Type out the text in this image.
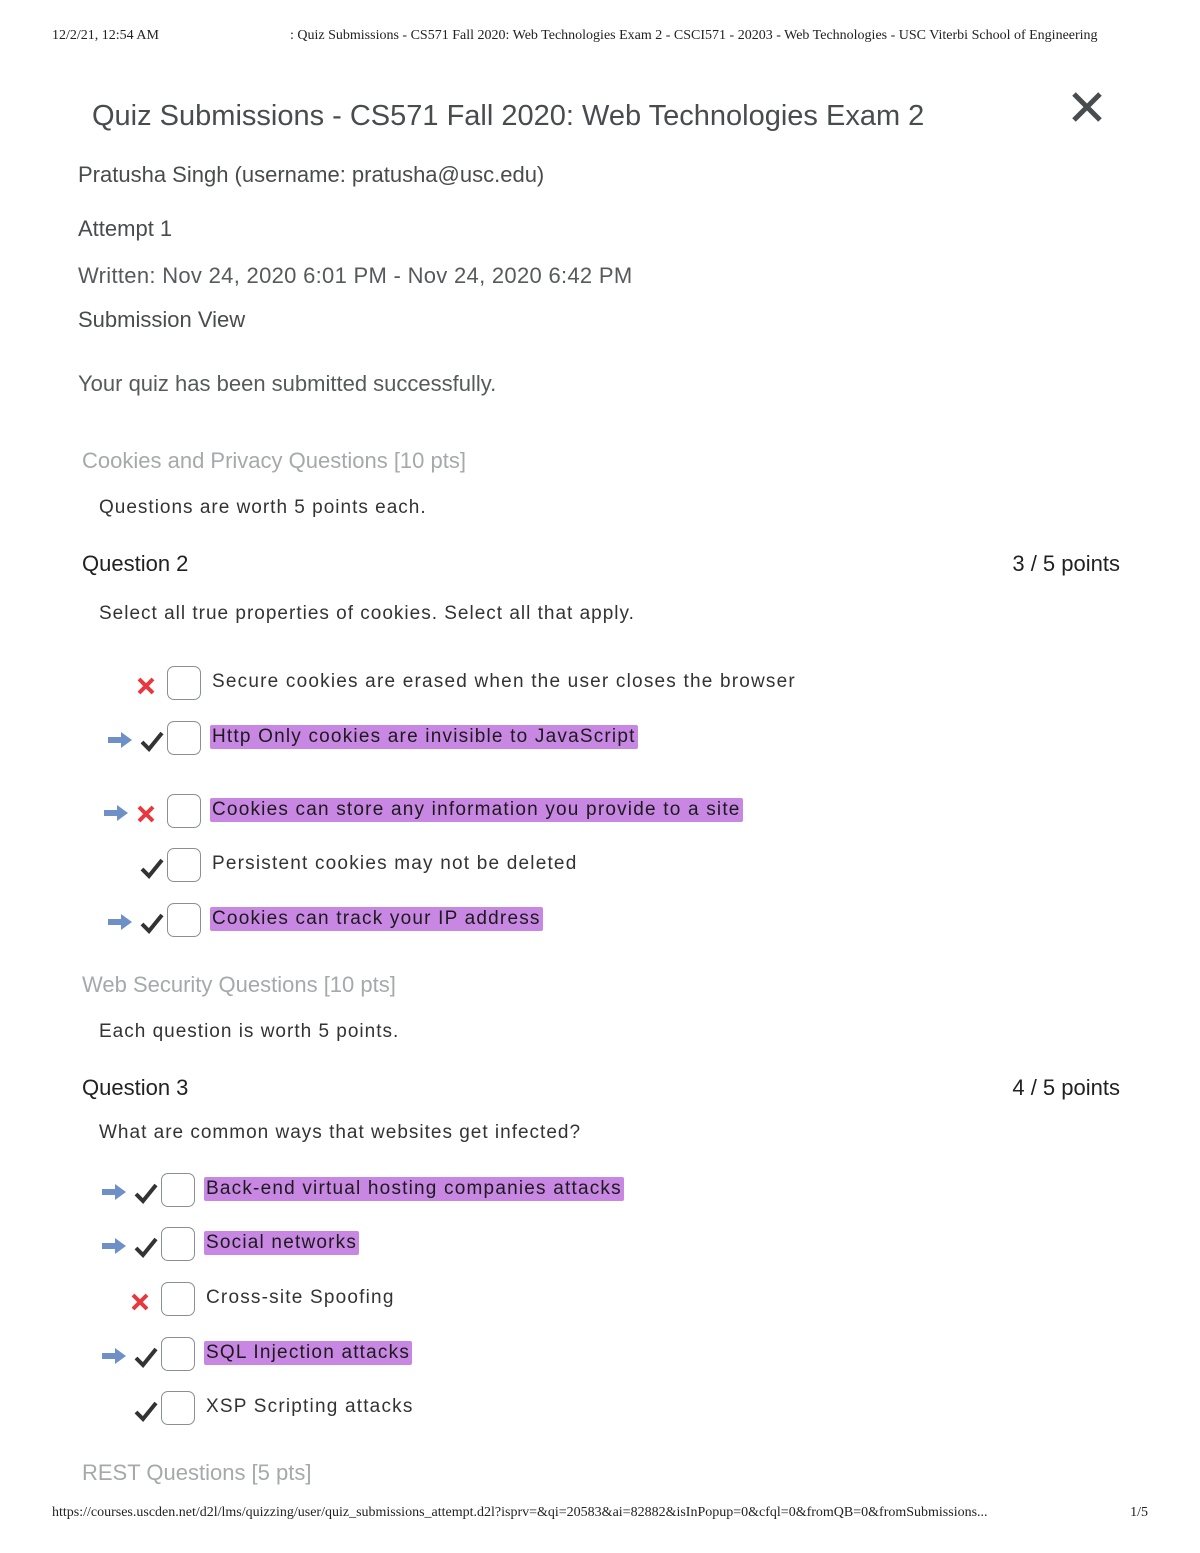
12/2/21, 12:54 AM	: Quiz Submissions - CS571 Fall 2020: Web Technologies Exam 2 - CSCI571 - 20203 - Web Technologies - USC Viterbi School of Engineering
Quiz Submissions - CS571 Fall 2020: Web Technologies Exam 2
Pratusha Singh (username: pratusha@usc.edu)
Attempt 1
Written: Nov 24, 2020 6:01 PM - Nov 24, 2020 6:42 PM
Submission View
Your quiz has been submitted successfully.
Cookies and Privacy Questions [10 pts]
Questions are worth 5 points each.
Question 2	3 / 5 points
Select all true properties of cookies. Select all that apply.
Secure cookies are erased when the user closes the browser
Http Only cookies are invisible to JavaScript
Cookies can store any information you provide to a site
Persistent cookies may not be deleted
Cookies can track your IP address
Web Security Questions [10 pts]
Each question is worth 5 points.
Question 3	4 / 5 points
What are common ways that websites get infected?
Back-end virtual hosting companies attacks
Social networks
Cross-site Spoofing
SQL Injection attacks
XSP Scripting attacks
REST Questions [5 pts]
https://courses.uscden.net/d2l/lms/quizzing/user/quiz_submissions_attempt.d2l?isprv=&qi=20583&ai=82882&isInPopup=0&cfql=0&fromQB=0&fromSubmissions...	1/5
